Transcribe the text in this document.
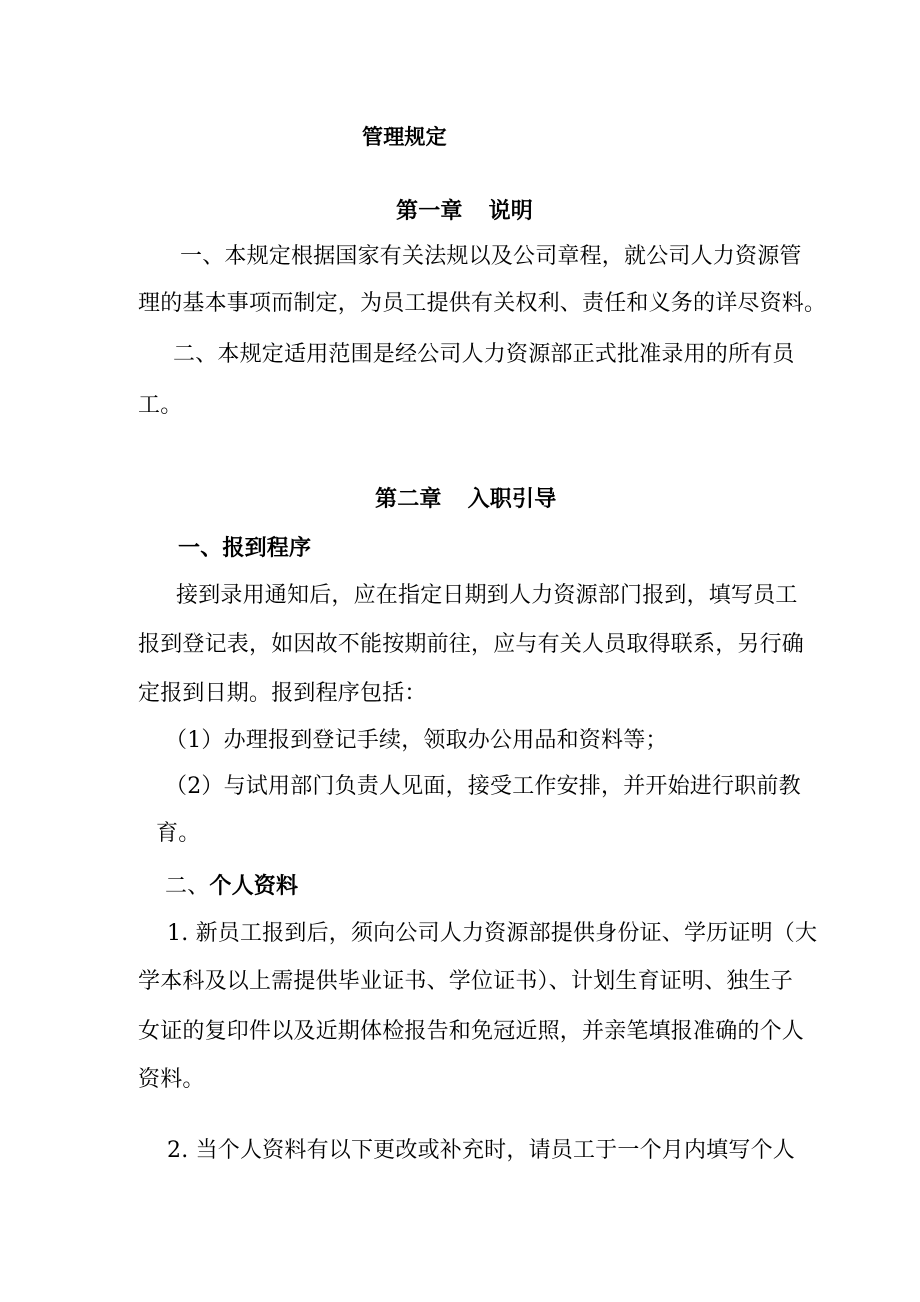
管理规定
第一章 说明
一、本规定根据国家有关法规以及公司章程，就公司人力资源管
理的基本事项而制定，为员工提供有关权利、责任和义务的详尽资料。
二、本规定适用范围是经公司人力资源部正式批准录用的所有员
工。
第二章 入职引导
一、报到程序
接到录用通知后，应在指定日期到人力资源部门报到，填写员工
报到登记表，如因故不能按期前往，应与有关人员取得联系，另行确
定报到日期。报到程序包括：
（1）办理报到登记手续，领取办公用品和资料等；
（2）与试用部门负责人见面，接受工作安排，并开始进行职前教
育。
二、个人资料
1. 新员工报到后，须向公司人力资源部提供身份证、学历证明（大
学本科及以上需提供毕业证书、学位证书）、计划生育证明、独生子
女证的复印件以及近期体检报告和免冠近照，并亲笔填报准确的个人
资料。
2. 当个人资料有以下更改或补充时，请员工于一个月内填写个人
